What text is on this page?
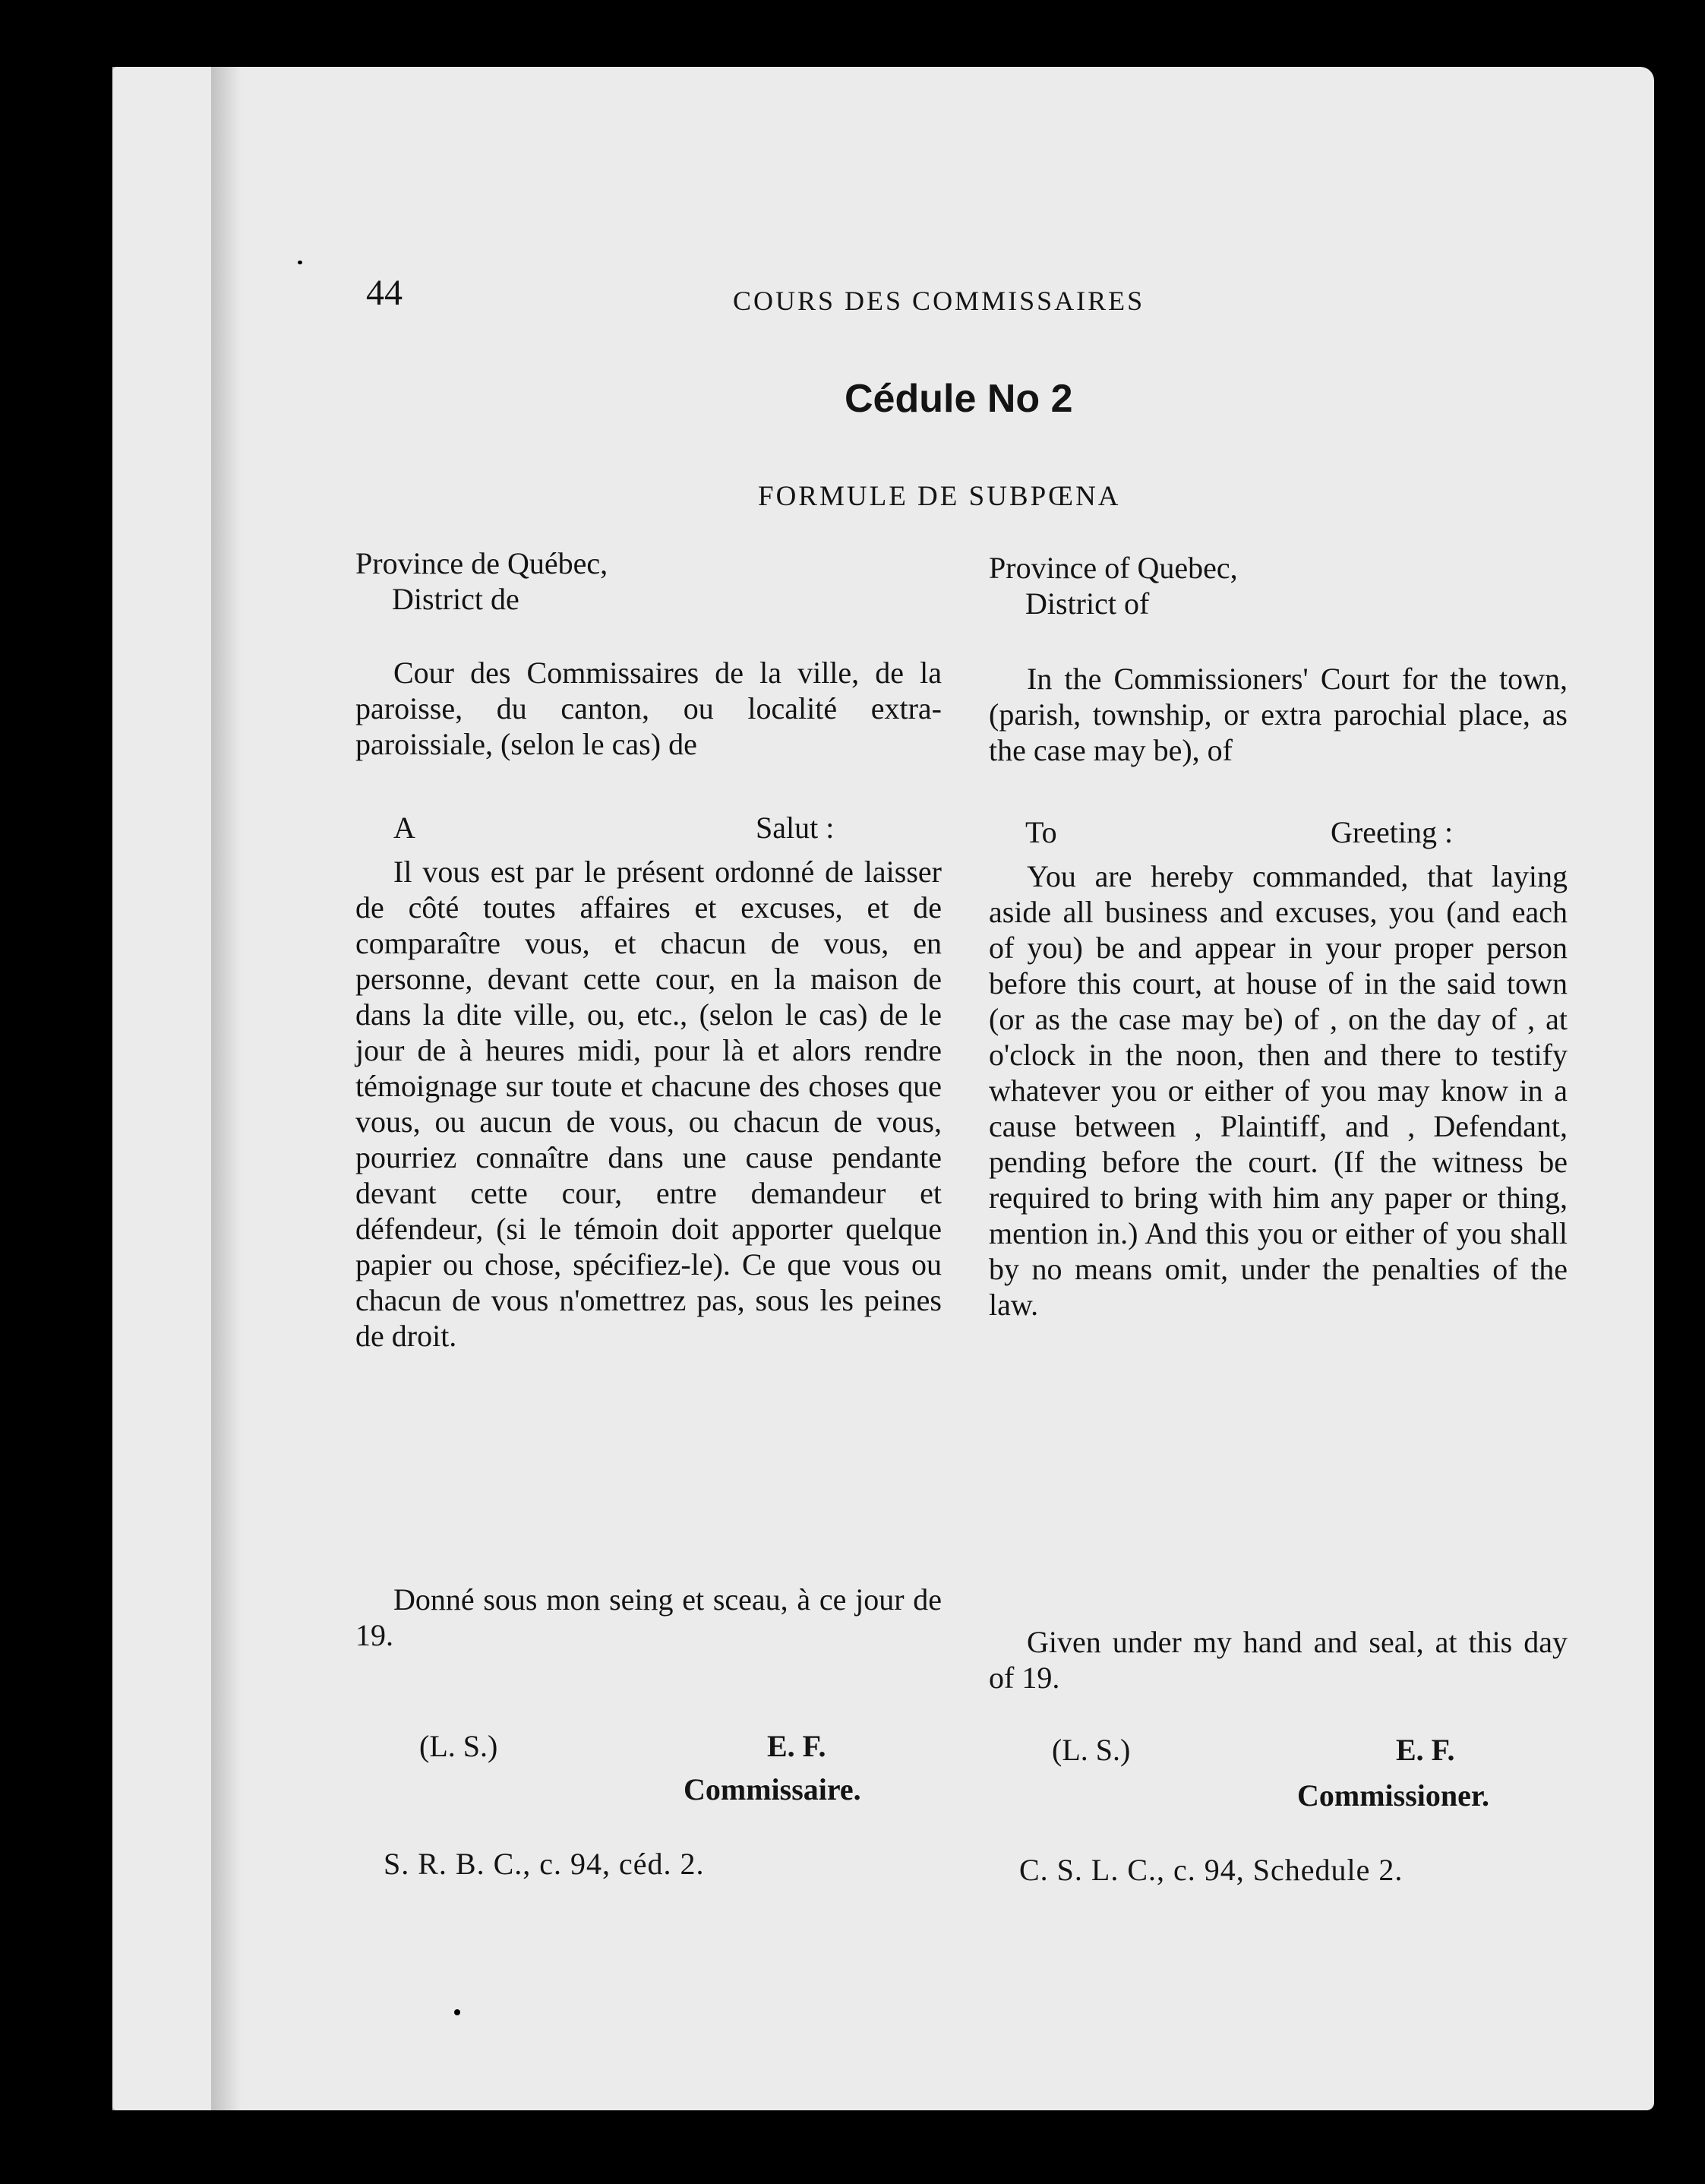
44	COURS DES COMMISSAIRES
Cédule No 2
FORMULE DE SUBPŒNA

Province de Québec,

District de

Cour des Commissaires de la ville, de la paroisse, du canton, ou localité extra-paroissiale, (selon le cas) de

A	Salut :

Il vous est par le présent ordonné de laisser de côté toutes affaires et excuses, et de comparaître vous, et chacun de vous, en personne, devant cette cour, en la maison de dans la dite ville, ou, etc., (selon le cas) de le jour de à heures midi, pour là et alors rendre témoignage sur toute et chacune des choses que vous, ou aucun de vous, ou chacun de vous, pourriez connaître dans une cause pendante devant cette cour, entre demandeur et défendeur, (si le témoin doit apporter quelque papier ou chose, spécifiez-le). Ce que vous ou chacun de vous n'omettrez pas, sous les peines de droit.

Donné sous mon seing et sceau, à ce jour de 19.

(L. S.)	E. F.
Commissaire.
S. R. B. C., c. 94, céd. 2.

Province of Quebec,

District of

In the Commissioners' Court for the town, (parish, township, or extra parochial place, as the case may be), of

To	Greeting :

You are hereby commanded, that laying aside all business and excuses, you (and each of you) be and appear in your proper person before this court, at house of in the said town (or as the case may be) of , on the day of , at o'clock in the noon, then and there to testify whatever you or either of you may know in a cause between , Plaintiff, and , Defendant, pending before the court. (If the witness be required to bring with him any paper or thing, mention in.) And this you or either of you shall by no means omit, under the penalties of the law.

Given under my hand and seal, at this day of 19.

(L. S.)	E. F.
Commissioner.
C. S. L. C., c. 94, Schedule 2.
